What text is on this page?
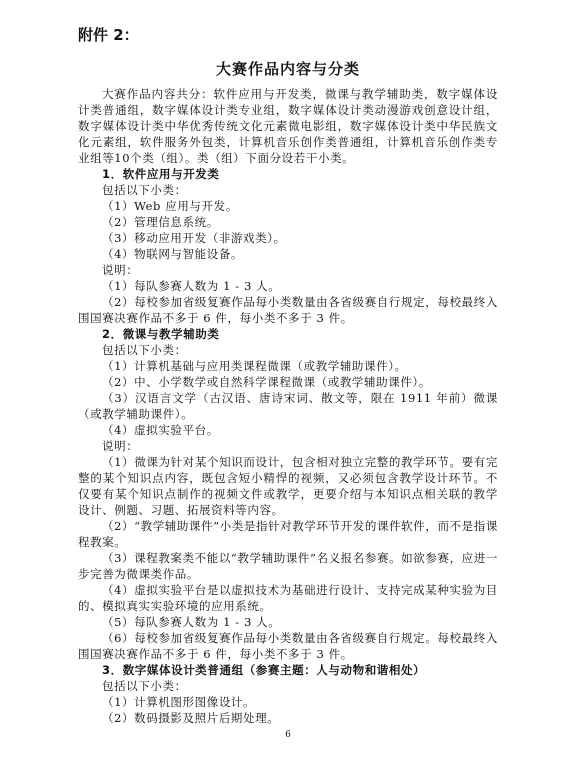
附件 2：
大赛作品内容与分类

大赛作品内容共分：软件应用与开发类，微课与教学辅助类，数字媒体设计类普通组，数字媒体设计类专业组，数字媒体设计类动漫游戏创意设计组，数字媒体设计类中华优秀传统文化元素微电影组，数字媒体设计类中华民族文化元素组，软件服务外包类，计算机音乐创作类普通组，计算机音乐创作类专业组等10个类（组）。类（组）下面分设若干小类。

1．软件应用与开发类

包括以下小类：

（1）Web 应用与开发。

（2）管理信息系统。

（3）移动应用开发（非游戏类）。

（4）物联网与智能设备。

说明：

（1）每队参赛人数为 1 - 3 人。

（2）每校参加省级复赛作品每小类数量由各省级赛自行规定，每校最终入围国赛决赛作品不多于 6 件，每小类不多于 3 件。

2．微课与教学辅助类

包括以下小类：

（1）计算机基础与应用类课程微课（或教学辅助课件）。

（2）中、小学数学或自然科学课程微课（或教学辅助课件）。

（3）汉语言文学（古汉语、唐诗宋词、散文等，限在 1911 年前）微课（或教学辅助课件）。

（4）虚拟实验平台。

说明：

（1）微课为针对某个知识而设计，包含相对独立完整的教学环节。要有完整的某个知识点内容，既包含短小精悍的视频，又必须包含教学设计环节。不仅要有某个知识点制作的视频文件或教学，更要介绍与本知识点相关联的教学设计、例题、习题、拓展资料等内容。

（2）“教学辅助课件”小类是指针对教学环节开发的课件软件，而不是指课程教案。

（3）课程教案类不能以“教学辅助课件”名义报名参赛。如欲参赛，应进一步完善为微课类作品。

（4）虚拟实验平台是以虚拟技术为基础进行设计、支持完成某种实验为目的、模拟真实实验环境的应用系统。

（5）每队参赛人数为 1 - 3 人。

（6）每校参加省级复赛作品每小类数量由各省级赛自行规定。每校最终入围国赛决赛作品不多于 6 件，每小类不多于 3 件。

3．数字媒体设计类普通组（参赛主题：人与动物和谐相处）

包括以下小类：

（1）计算机图形图像设计。

（2）数码摄影及照片后期处理。

6
